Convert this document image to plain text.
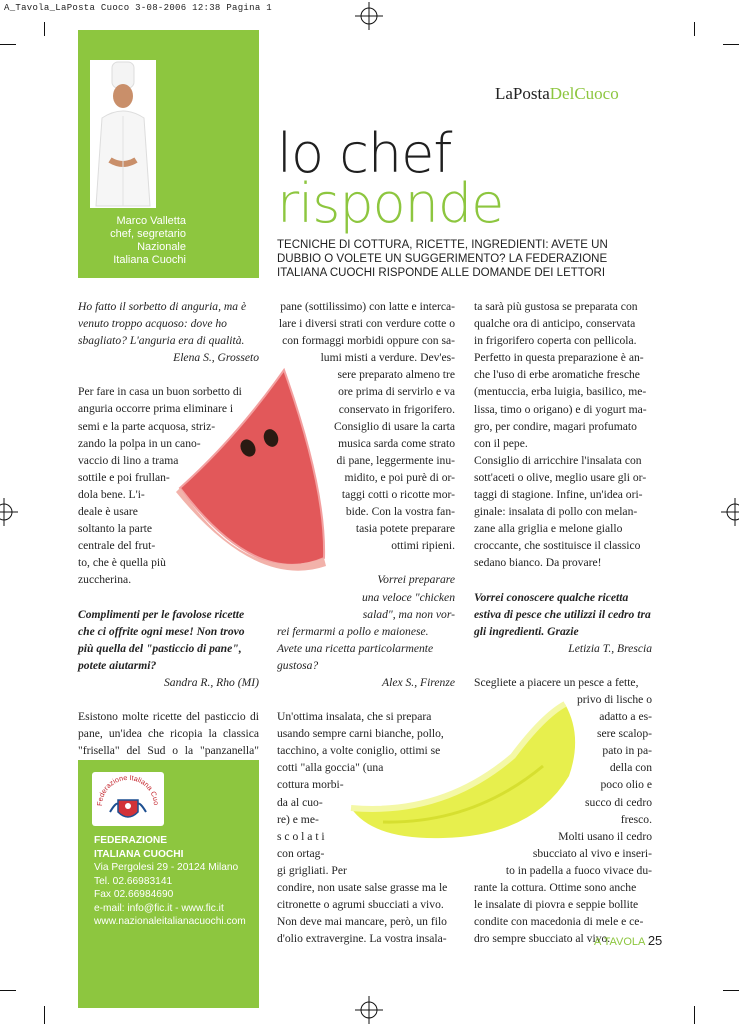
A_Tavola_LaPosta Cuoco 3-08-2006 12:38 Pagina 1
Marco Valletta
chef, segretario
Nazionale
Italiana Cuochi
LaPostaDelCuoco
lo chef
risponde
TECNICHE DI COTTURA, RICETTE, INGREDIENTI: AVETE UN DUBBIO O VOLETE UN SUGGERIMENTO? LA FEDERAZIONE ITALIANA CUOCHI RISPONDE ALLE DOMANDE DEI LETTORI

Ho fatto il sorbetto di anguria, ma è venuto troppo acquoso: dove ho sbagliato? L'anguria era di qualità.

Elena S., Grosseto

Per fare in casa un buon sorbetto di

anguria occorre prima eliminare i

semi e la parte acquosa, striz-

zando la polpa in un cano-

vaccio di lino a trama

sottile e poi frullan-

dola bene. L'i-

deale è usare

soltanto la parte

centrale del frut-

to, che è quella più

zuccherina.

Complimenti per le favolose ricette che ci offrite ogni mese! Non trovo più quella del "pasticcio di pane", potete aiutarmi?

Sandra R., Rho (MI)

Esistono molte ricette del pasticcio di pane, un'idea che ricopia la classica "frisella" del Sud o la "panzanella"

pane (sottilissimo) con latte e interca-

lare i diversi strati con verdure cotte o

con formaggi morbidi oppure con sa-

lumi misti a verdure. Dev'es-

sere preparato almeno tre

ore prima di servirlo e va

conservato in frigorifero.

Consiglio di usare la carta

musica sarda come strato

di pane, leggermente inu-

midito, e poi purè di or-

taggi cotti o ricotte mor-

bide. Con la vostra fan-

tasia potete preparare

ottimi ripieni.

Vorrei preparare

una veloce "chicken

salad", ma non vor-

rei fermarmi a pollo e maionese.

Avete una ricetta particolarmente

gustosa?

Alex S., Firenze

Un'ottima insalata, che si prepara

usando sempre carni bianche, pollo,

tacchino, a volte coniglio, ottimi se

cotti "alla goccia" (una

cottura morbi-

da al cuo-

re) e me-

s c o l a t i

con ortag-

gi grigliati. Per

condire, non usate salse grasse ma le

citronette o agrumi sbucciati a vivo.

Non deve mai mancare, però, un filo

d'olio extravergine. La vostra insala-

ta sarà più gustosa se preparata con

qualche ora di anticipo, conservata

in frigorifero coperta con pellicola.

Perfetto in questa preparazione è an-

che l'uso di erbe aromatiche fresche

(mentuccia, erba luigia, basilico, me-

lissa, timo o origano) e di yogurt ma-

gro, per condire, magari profumato

con il pepe.

Consiglio di arricchire l'insalata con

sott'aceti o olive, meglio usare gli or-

taggi di stagione. Infine, un'idea ori-

ginale: insalata di pollo con melan-

zane alla griglia e melone giallo

croccante, che sostituisce il classico

sedano bianco. Da provare!

Vorrei conoscere qualche ricetta estiva di pesce che utilizzi il cedro tra gli ingredienti. Grazie

Letizia T., Brescia

Scegliete a piacere un pesce a fette,

privo di lische o

adatto a es-

sere scalop-

pato in pa-

della con

poco olio e

succo di cedro

fresco.

Molti usano il cedro

sbucciato al vivo e inseri-

to in padella a fuoco vivace du-

rante la cottura. Ottime sono anche

le insalate di piovra e seppie bollite

condite con macedonia di mele e ce-

dro sempre sbucciato al vivo.

Federazione Italiana Cuo
FEDERAZIONE
ITALIANA CUOCHI
Via Pergolesi 29 - 20124 Milano
Tel. 02.66983141
Fax 02.66984690
e-mail: info@fic.it - www.fic.it
www.nazionaleitalianacuochi.com
A TAVOLA 25
